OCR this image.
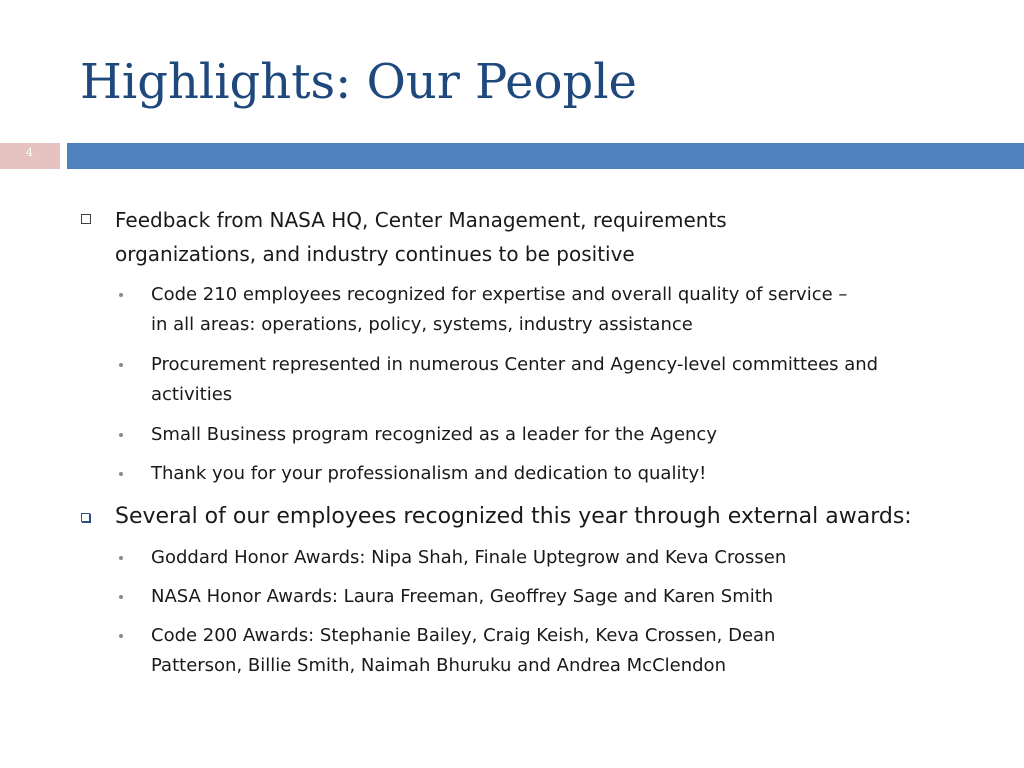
Highlights: Our People
4
Feedback from NASA HQ, Center Management, requirements
organizations, and industry continues to be positive
Code 210 employees recognized for expertise and overall quality of service –
in all areas: operations, policy, systems, industry assistance
Procurement represented in numerous Center and Agency-level committees and
activities
Small Business program recognized as a leader for the Agency
Thank you for your professionalism and dedication to quality!
Several of our employees recognized this year through external awards:
Goddard Honor Awards: Nipa Shah, Finale Uptegrow and Keva Crossen
NASA Honor Awards: Laura Freeman, Geoffrey Sage and Karen Smith
Code 200 Awards: Stephanie Bailey, Craig Keish, Keva Crossen, Dean
Patterson, Billie Smith, Naimah Bhuruku and Andrea McClendon
